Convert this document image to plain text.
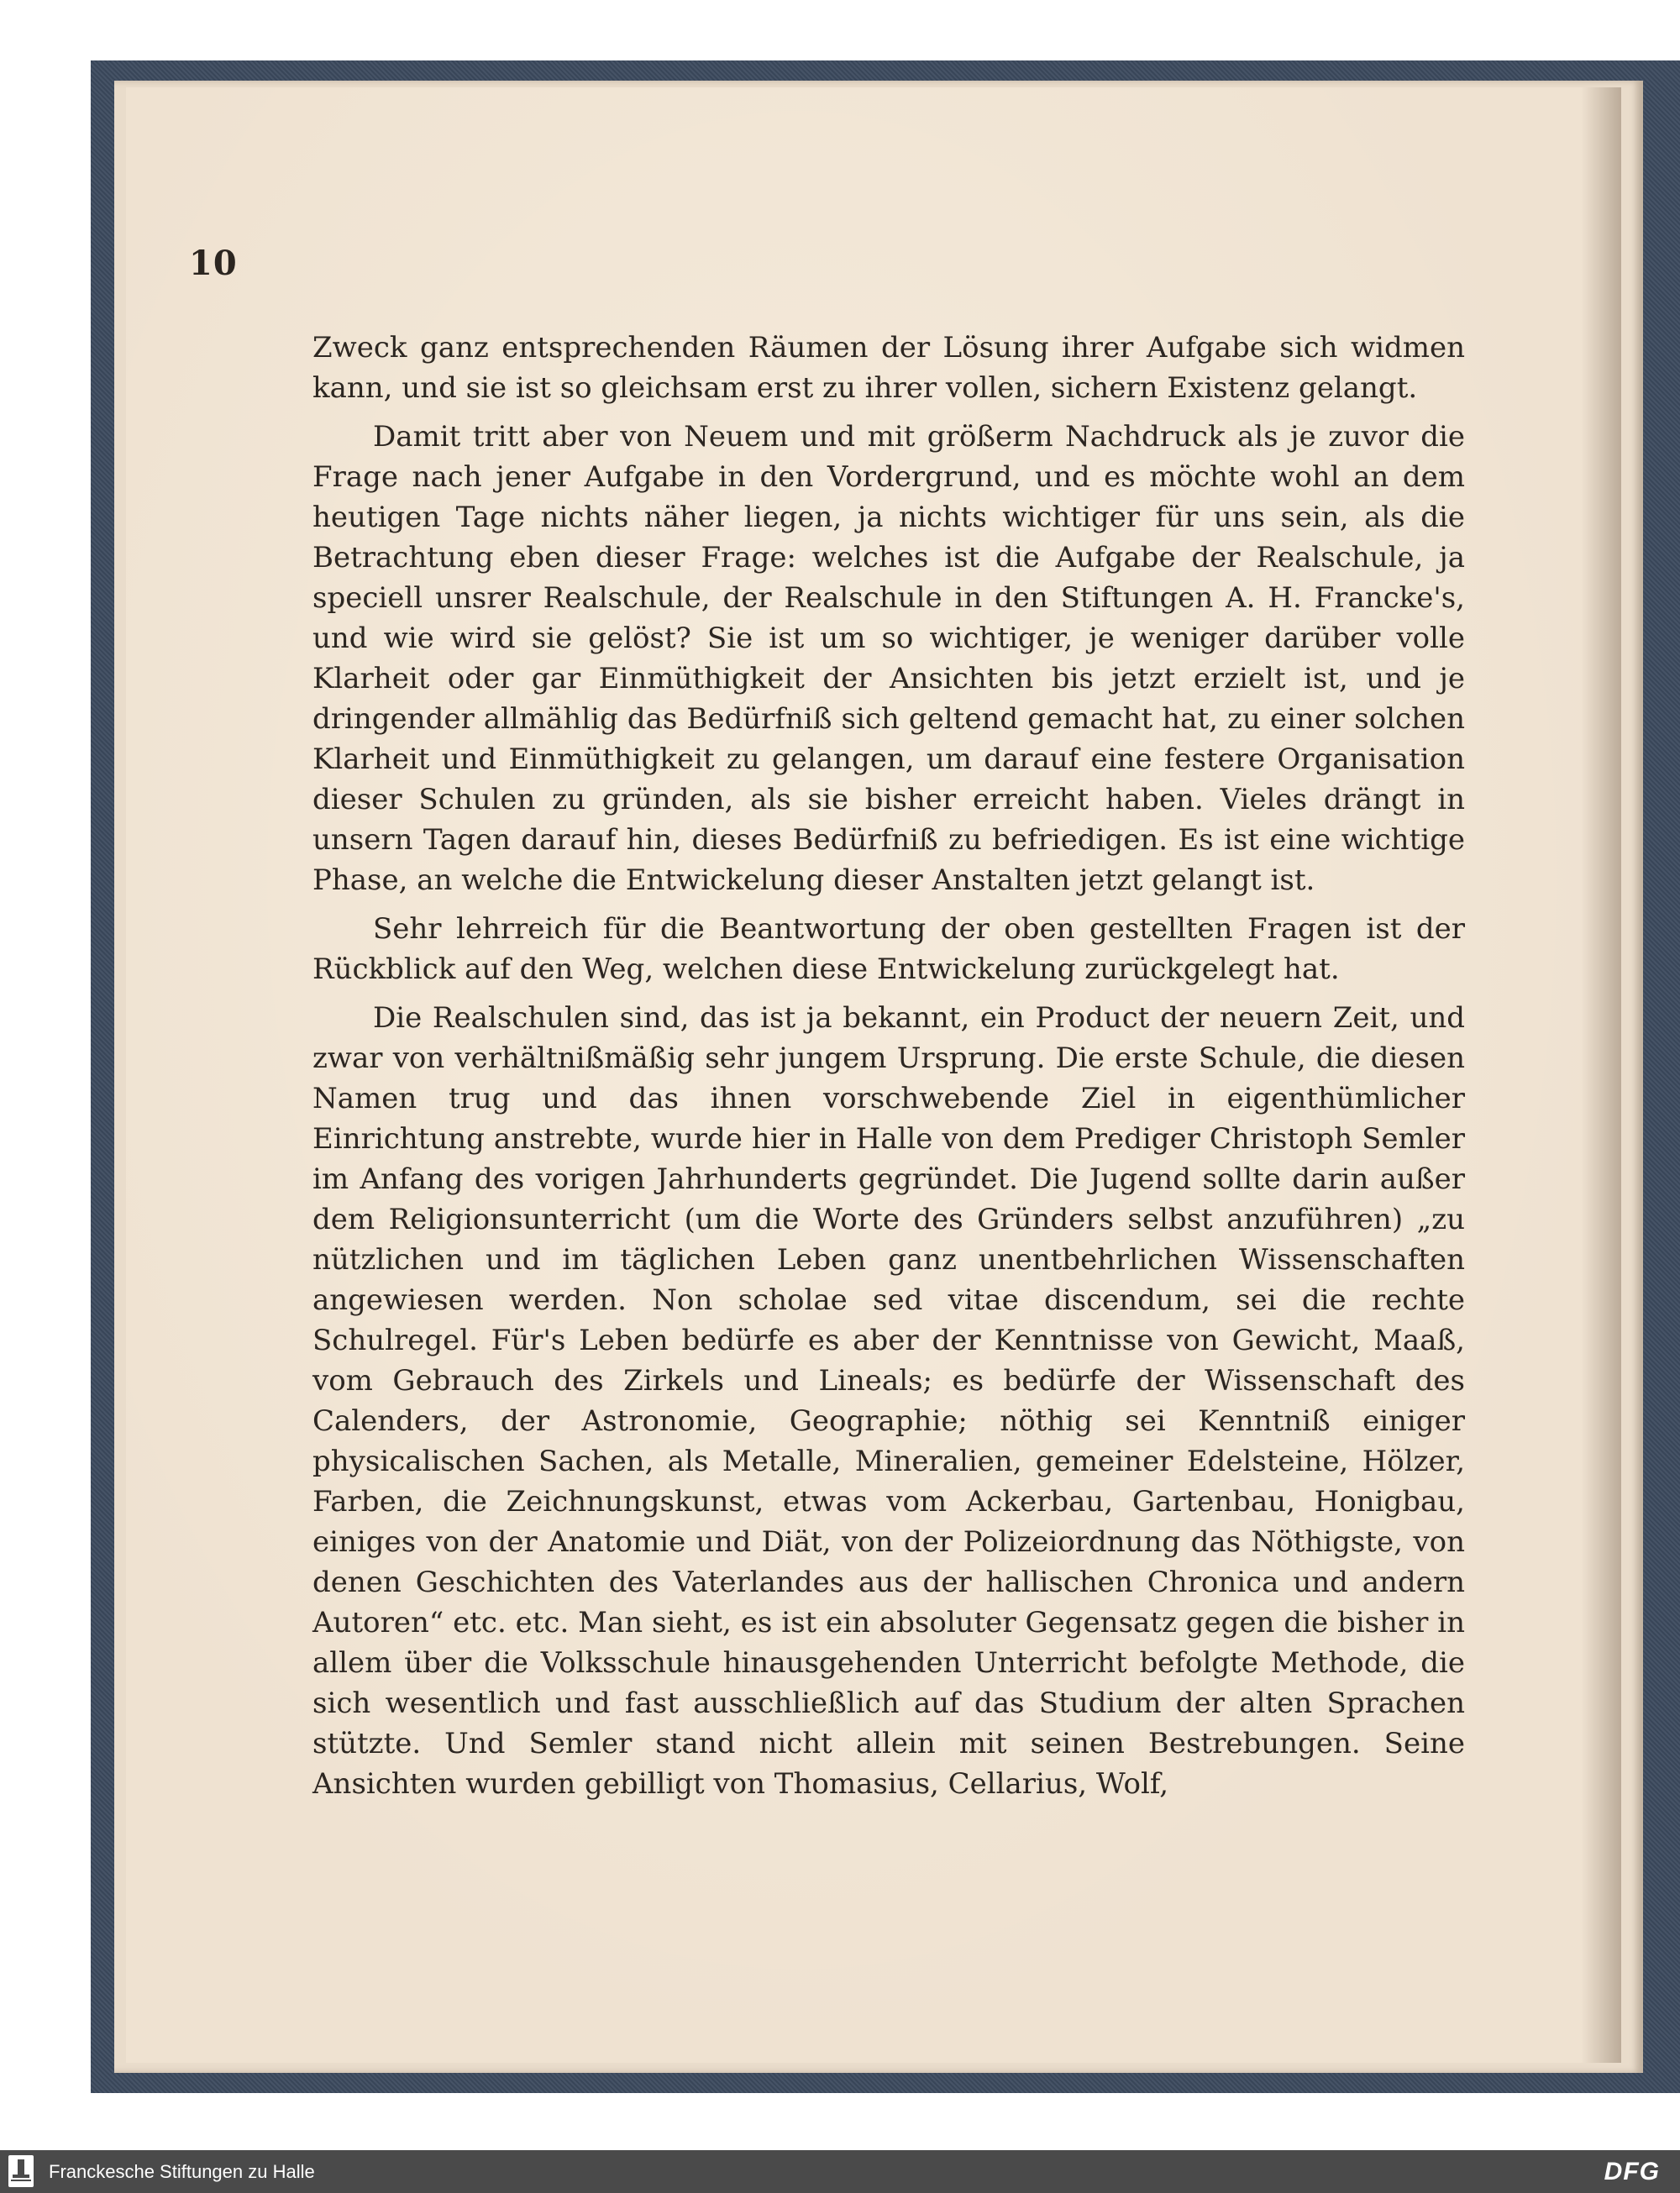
10

Zweck ganz entsprechenden Räumen der Lösung ihrer Aufgabe sich widmen kann, und sie ist so gleichsam erst zu ihrer vollen, sichern Existenz gelangt.

Damit tritt aber von Neuem und mit größerm Nachdruck als je zuvor die Frage nach jener Aufgabe in den Vordergrund, und es möchte wohl an dem heutigen Tage nichts näher liegen, ja nichts wichtiger für uns sein, als die Betrachtung eben dieser Frage: welches ist die Aufgabe der Realschule, ja speciell unsrer Realschule, der Realschule in den Stiftungen A. H. Francke's, und wie wird sie gelöst? Sie ist um so wichtiger, je weniger darüber volle Klarheit oder gar Einmüthigkeit der Ansichten bis jetzt erzielt ist, und je dringender allmählig das Bedürfniß sich geltend gemacht hat, zu einer solchen Klarheit und Einmüthigkeit zu gelangen, um darauf eine festere Organisation dieser Schulen zu gründen, als sie bisher erreicht haben. Vieles drängt in unsern Tagen darauf hin, dieses Bedürfniß zu befriedigen. Es ist eine wichtige Phase, an welche die Entwickelung dieser Anstalten jetzt gelangt ist.

Sehr lehrreich für die Beantwortung der oben gestellten Fragen ist der Rückblick auf den Weg, welchen diese Entwickelung zurückgelegt hat.

Die Realschulen sind, das ist ja bekannt, ein Product der neuern Zeit, und zwar von verhältnißmäßig sehr jungem Ursprung. Die erste Schule, die diesen Namen trug und das ihnen vorschwebende Ziel in eigenthümlicher Einrichtung anstrebte, wurde hier in Halle von dem Prediger Christoph Semler im Anfang des vorigen Jahrhunderts gegründet. Die Jugend sollte darin außer dem Religionsunterricht (um die Worte des Gründers selbst anzuführen) „zu nützlichen und im täglichen Leben ganz unentbehrlichen Wissenschaften angewiesen werden. Non scholae sed vitae discendum, sei die rechte Schulregel. Für's Leben bedürfe es aber der Kenntnisse von Gewicht, Maaß, vom Gebrauch des Zirkels und Lineals; es bedürfe der Wissenschaft des Calenders, der Astronomie, Geographie; nöthig sei Kenntniß einiger physicalischen Sachen, als Metalle, Mineralien, gemeiner Edelsteine, Hölzer, Farben, die Zeichnungskunst, etwas vom Ackerbau, Gartenbau, Honigbau, einiges von der Anatomie und Diät, von der Polizeiordnung das Nöthigste, von denen Geschichten des Vaterlandes aus der hallischen Chronica und andern Autoren“ etc. etc. Man sieht, es ist ein absoluter Gegensatz gegen die bisher in allem über die Volksschule hinausgehenden Unterricht befolgte Methode, die sich wesentlich und fast ausschließlich auf das Studium der alten Sprachen stützte. Und Semler stand nicht allein mit seinen Bestrebungen. Seine Ansichten wurden gebilligt von Thomasius, Cellarius, Wolf,

Franckesche Stiftungen zu Halle	DFG
